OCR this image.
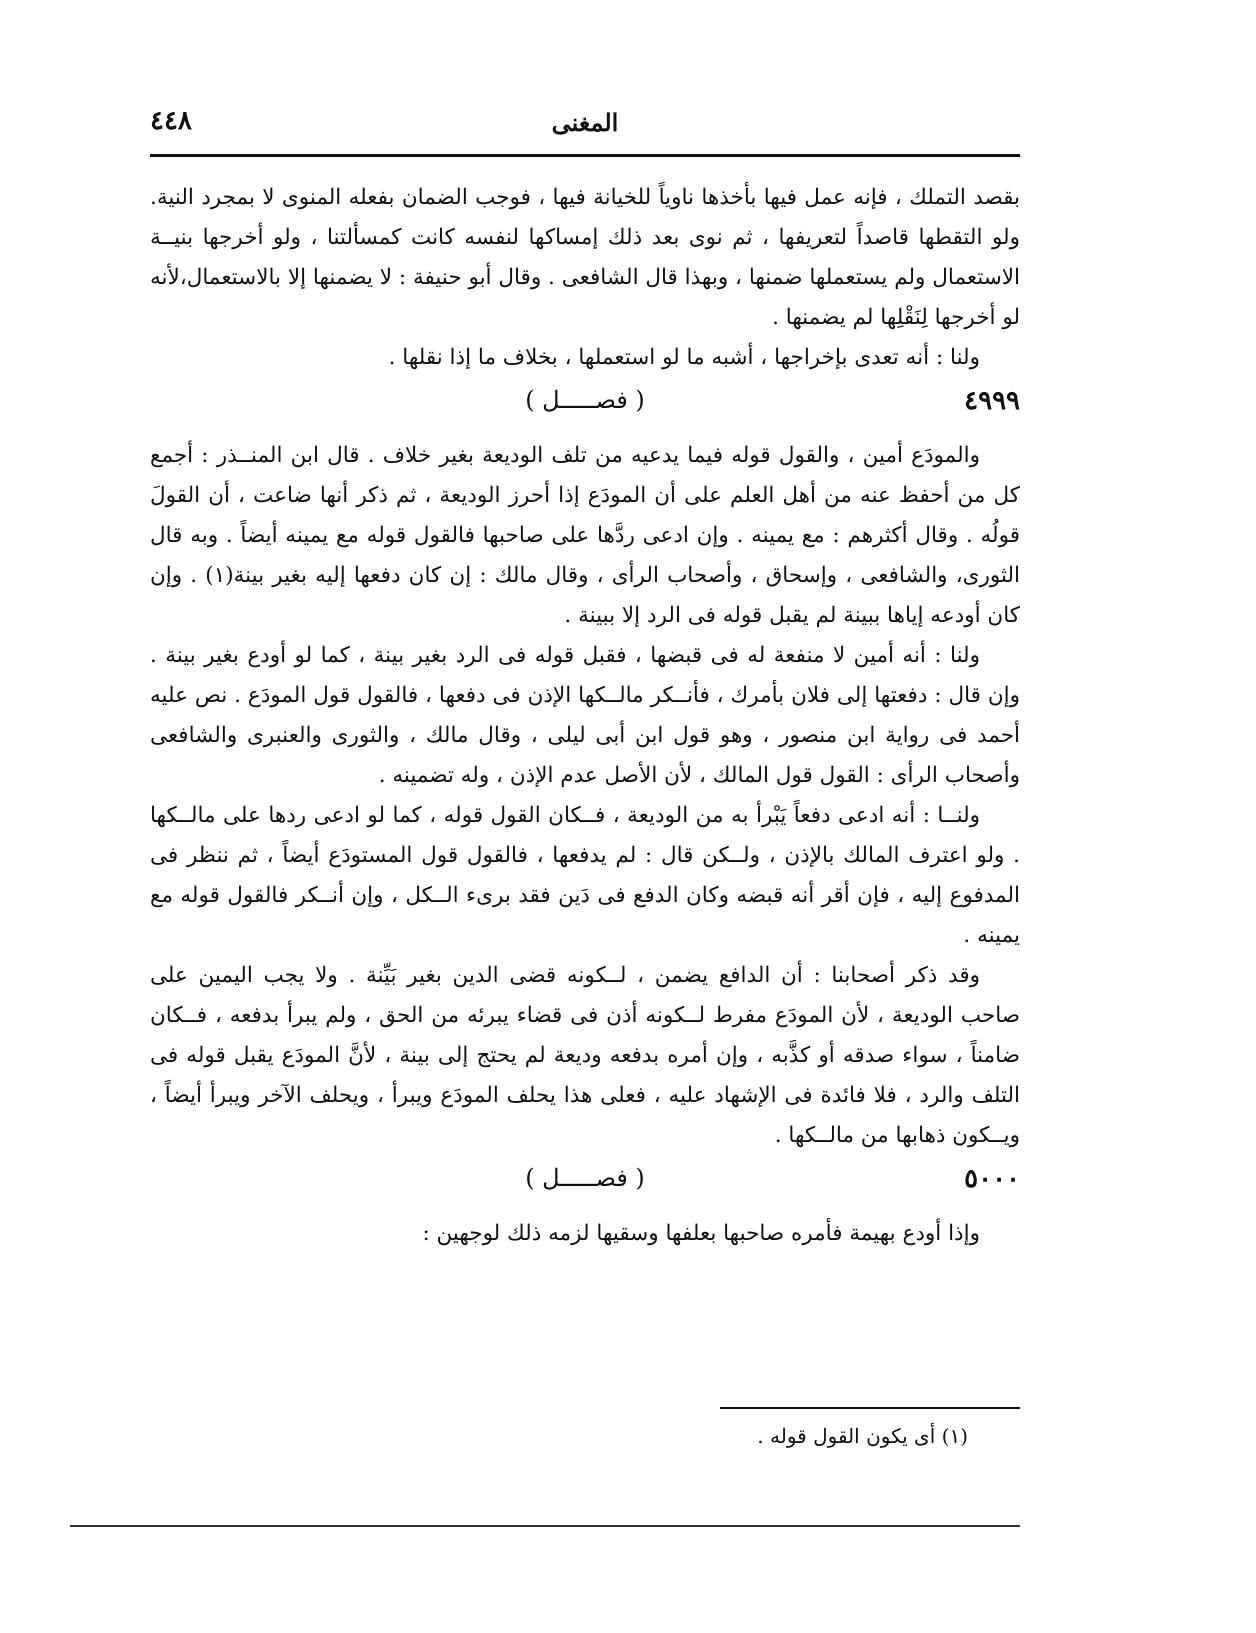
المغنى
٤٤٨

بقصد التملك ، فإنه عمل فيها بأخذها ناوياً للخيانة فيها ، فوجب الضمان بفعله المنوى لا بمجرد النية. ولو التقطها قاصداً لتعريفها ، ثم نوى بعد ذلك إمساكها لنفسه كانت كمسألتنا ، ولو أخرجها بنيــة الاستعمال ولم يستعملها ضمنها ، وبهذا قال الشافعى . وقال أبو حنيفة : لا يضمنها إلا بالاستعمال،لأنه لو أخرجها لِنَقْلِها لم يضمنها .

ولنا : أنه تعدى بإخراجها ، أشبه ما لو استعملها ، بخلاف ما إذا نقلها .

٤٩٩٩
( فصـــــل )

والمودَع أمين ، والقول قوله فيما يدعيه من تلف الوديعة بغير خلاف . قال ابن المنــذر : أجمع كل من أحفظ عنه من أهل العلم على أن المودَع إذا أحرز الوديعة ، ثم ذكر أنها ضاعت ، أن القولَ قولُه . وقال أكثرهم : مع يمينه . وإن ادعى ردَّها على صاحبها فالقول قوله مع يمينه أيضاً . وبه قال الثورى، والشافعى ، وإسحاق ، وأصحاب الرأى ، وقال مالك : إن كان دفعها إليه بغير بينة(١) . وإن كان أودعه إياها ببينة لم يقبل قوله فى الرد إلا ببينة .

ولنا : أنه أمين لا منفعة له فى قبضها ، فقبل قوله فى الرد بغير بينة ، كما لو أودع بغير بينة . وإن قال : دفعتها إلى فلان بأمرك ، فأنــكر مالــكها الإذن فى دفعها ، فالقول قول المودَع . نص عليه أحمد فى رواية ابن منصور ، وهو قول ابن أبى ليلى ، وقال مالك ، والثورى والعنبرى والشافعى وأصحاب الرأى : القول قول المالك ، لأن الأصل عدم الإذن ، وله تضمينه .

ولنــا : أنه ادعى دفعاً يَبْرأ به من الوديعة ، فــكان القول قوله ، كما لو ادعى ردها على مالــكها . ولو اعترف المالك بالإذن ، ولــكن قال : لم يدفعها ، فالقول قول المستودَع أيضاً ، ثم ننظر فى المدفوع إليه ، فإن أقر أنه قبضه وكان الدفع فى دَين فقد برىء الــكل ، وإن أنــكر فالقول قوله مع يمينه .

وقد ذكر أصحابنا : أن الدافع يضمن ، لــكونه قضى الدين بغير بَيِّنة . ولا يجب اليمين على صاحب الوديعة ، لأن المودَع مفرط لــكونه أذن فى قضاء يبرئه من الحق ، ولم يبرأ بدفعه ، فــكان ضامناً ، سواء صدقه أو كذَّبه ، وإن أمره بدفعه وديعة لم يحتج إلى بينة ، لأنَّ المودَع يقبل قوله فى التلف والرد ، فلا فائدة فى الإشهاد عليه ، فعلى هذا يحلف المودَع ويبرأ ، ويحلف الآخر ويبرأ أيضاً ، ويــكون ذهابها من مالــكها .

٥٠٠٠
( فصـــــل )

وإذا أودع بهيمة فأمره صاحبها بعلفها وسقيها لزمه ذلك لوجهين :

(١) أى يكون القول قوله .
